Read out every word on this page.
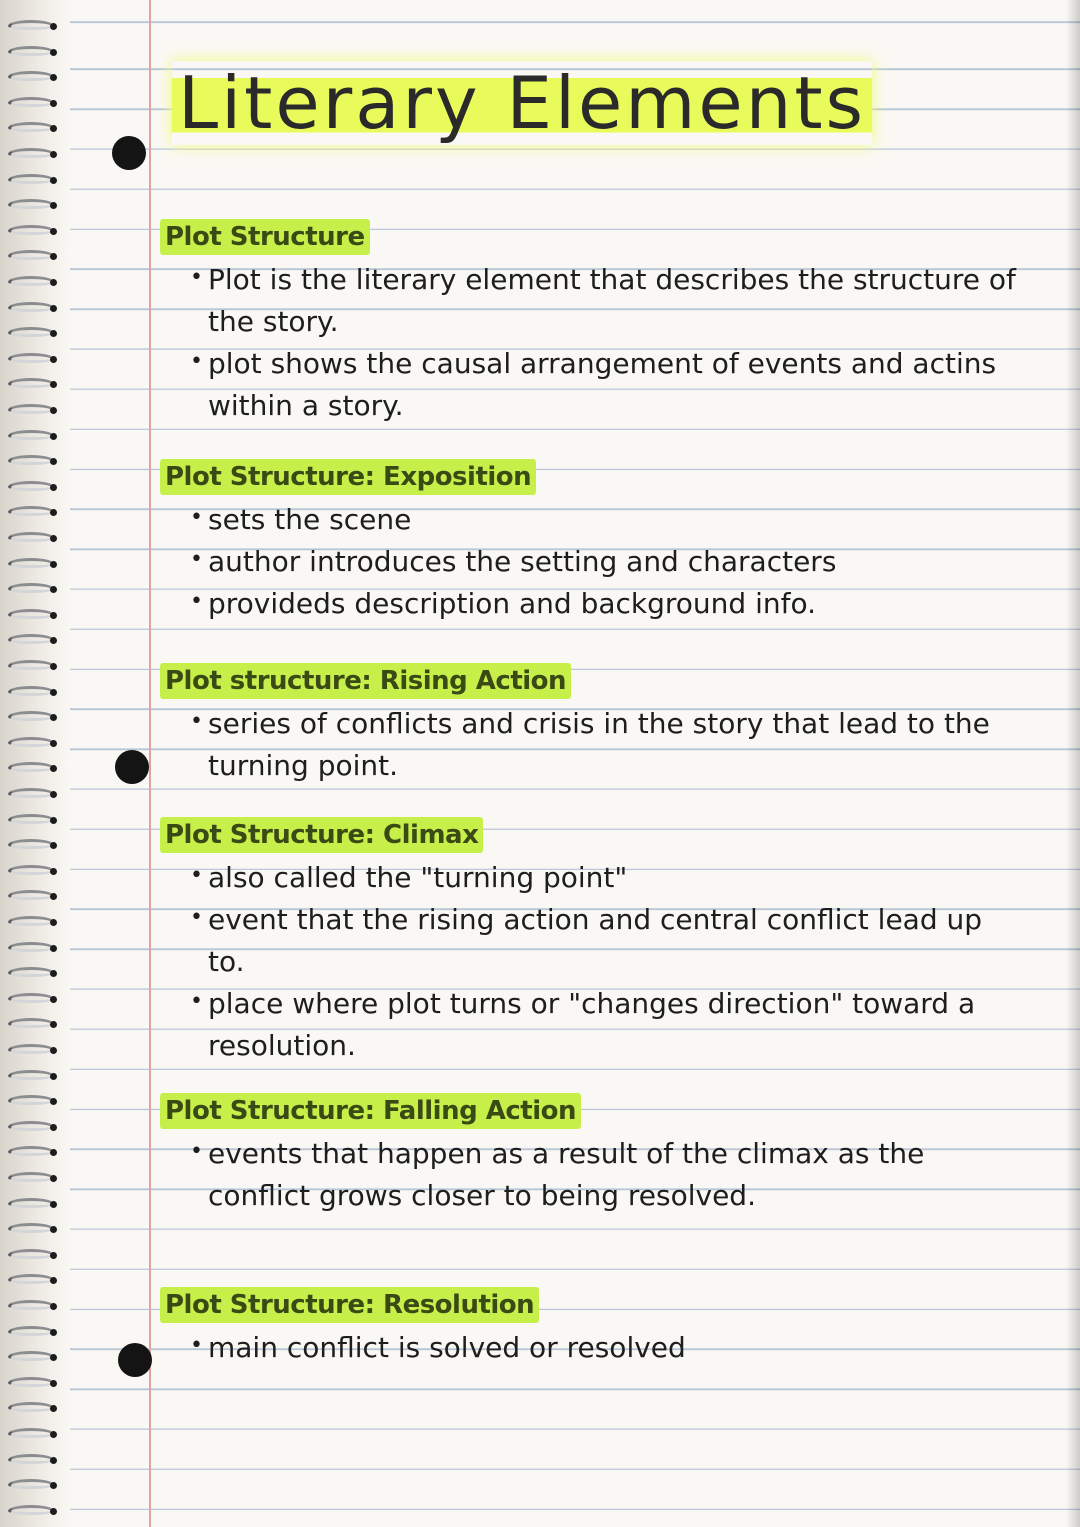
Literary Elements
Plot Structure
• Plot is the literary element that describes the structure of the story.
• plot shows the causal arrangement of events and actins within a story.
Plot Structure: Exposition
• sets the scene
• author introduces the setting and characters
• provideds description and background info.
Plot structure: Rising Action
• series of conflicts and crisis in the story that lead to the turning point.
Plot Structure: Climax
• also called the "turning point"
• event that the rising action and central conflict lead up to.
• place where plot turns or "changes direction" toward a resolution.
Plot Structure: Falling Action
• events that happen as a result of the climax as the conflict grows closer to being resolved.
Plot Structure: Resolution
• main conflict is solved or resolved
